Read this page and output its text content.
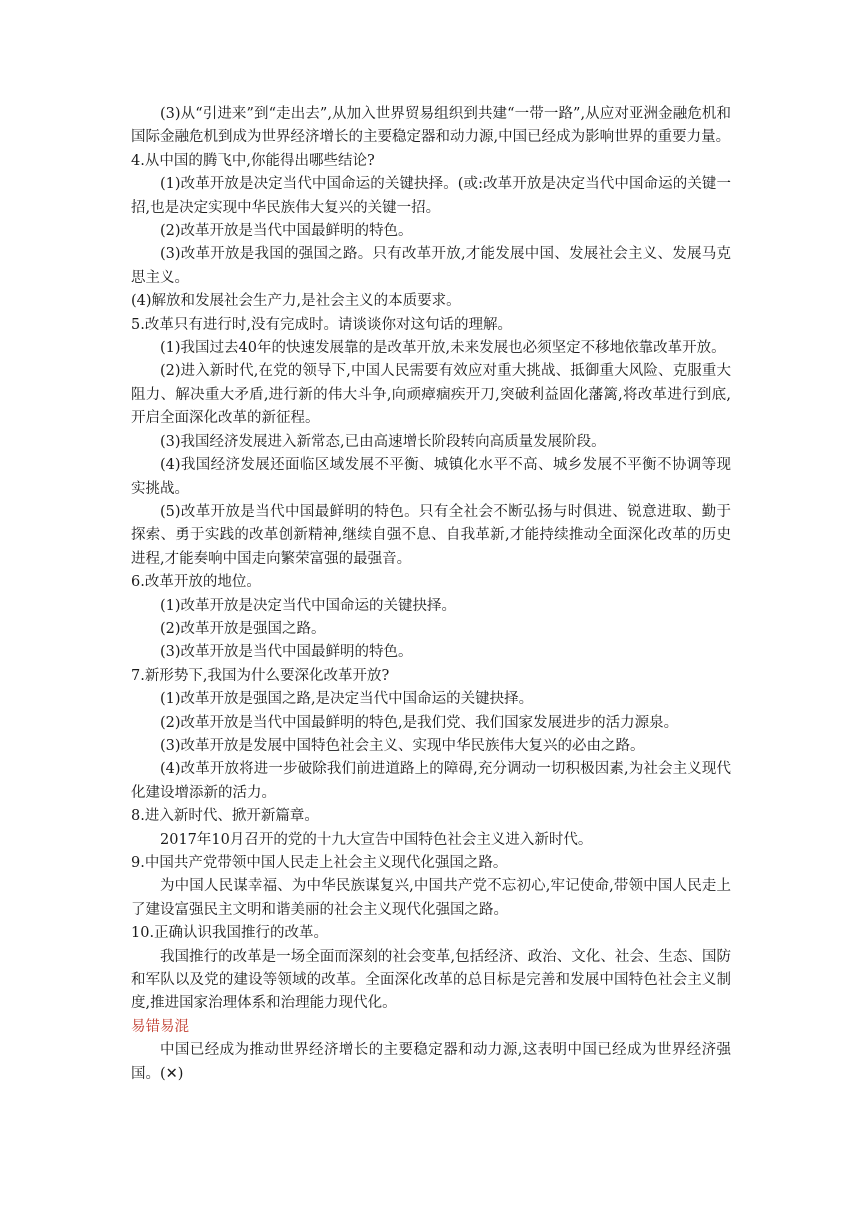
(3)从“引进来”到“走出去”,从加入世界贸易组织到共建“一带一路”,从应对亚洲金融危机和国际金融危机到成为世界经济增长的主要稳定器和动力源,中国已经成为影响世界的重要力量。

4.从中国的腾飞中,你能得出哪些结论?

(1)改革开放是决定当代中国命运的关键抉择。(或:改革开放是决定当代中国命运的关键一招,也是决定实现中华民族伟大复兴的关键一招。

(2)改革开放是当代中国最鲜明的特色。

(3)改革开放是我国的强国之路。只有改革开放,才能发展中国、发展社会主义、发展马克思主义。

(4)解放和发展社会生产力,是社会主义的本质要求。

5.改革只有进行时,没有完成时。请谈谈你对这句话的理解。

(1)我国过去40年的快速发展靠的是改革开放,未来发展也必须坚定不移地依靠改革开放。

(2)进入新时代,在党的领导下,中国人民需要有效应对重大挑战、抵御重大风险、克服重大阻力、解决重大矛盾,进行新的伟大斗争,向顽瘴痼疾开刀,突破利益固化藩篱,将改革进行到底,开启全面深化改革的新征程。

(3)我国经济发展进入新常态,已由高速增长阶段转向高质量发展阶段。

(4)我国经济发展还面临区域发展不平衡、城镇化水平不高、城乡发展不平衡不协调等现实挑战。

(5)改革开放是当代中国最鲜明的特色。只有全社会不断弘扬与时俱进、锐意进取、勤于探索、勇于实践的改革创新精神,继续自强不息、自我革新,才能持续推动全面深化改革的历史进程,才能奏响中国走向繁荣富强的最强音。

6.改革开放的地位。

(1)改革开放是决定当代中国命运的关键抉择。

(2)改革开放是强国之路。

(3)改革开放是当代中国最鲜明的特色。

7.新形势下,我国为什么要深化改革开放?

(1)改革开放是强国之路,是决定当代中国命运的关键抉择。

(2)改革开放是当代中国最鲜明的特色,是我们党、我们国家发展进步的活力源泉。

(3)改革开放是发展中国特色社会主义、实现中华民族伟大复兴的必由之路。

(4)改革开放将进一步破除我们前进道路上的障碍,充分调动一切积极因素,为社会主义现代化建设增添新的活力。

8.进入新时代、掀开新篇章。

2017年10月召开的党的十九大宣告中国特色社会主义进入新时代。

9.中国共产党带领中国人民走上社会主义现代化强国之路。

为中国人民谋幸福、为中华民族谋复兴,中国共产党不忘初心,牢记使命,带领中国人民走上了建设富强民主文明和谐美丽的社会主义现代化强国之路。

10.正确认识我国推行的改革。

我国推行的改革是一场全面而深刻的社会变革,包括经济、政治、文化、社会、生态、国防和军队以及党的建设等领域的改革。全面深化改革的总目标是完善和发展中国特色社会主义制度,推进国家治理体系和治理能力现代化。

易错易混

中国已经成为推动世界经济增长的主要稳定器和动力源,这表明中国已经成为世界经济强国。(✕)
